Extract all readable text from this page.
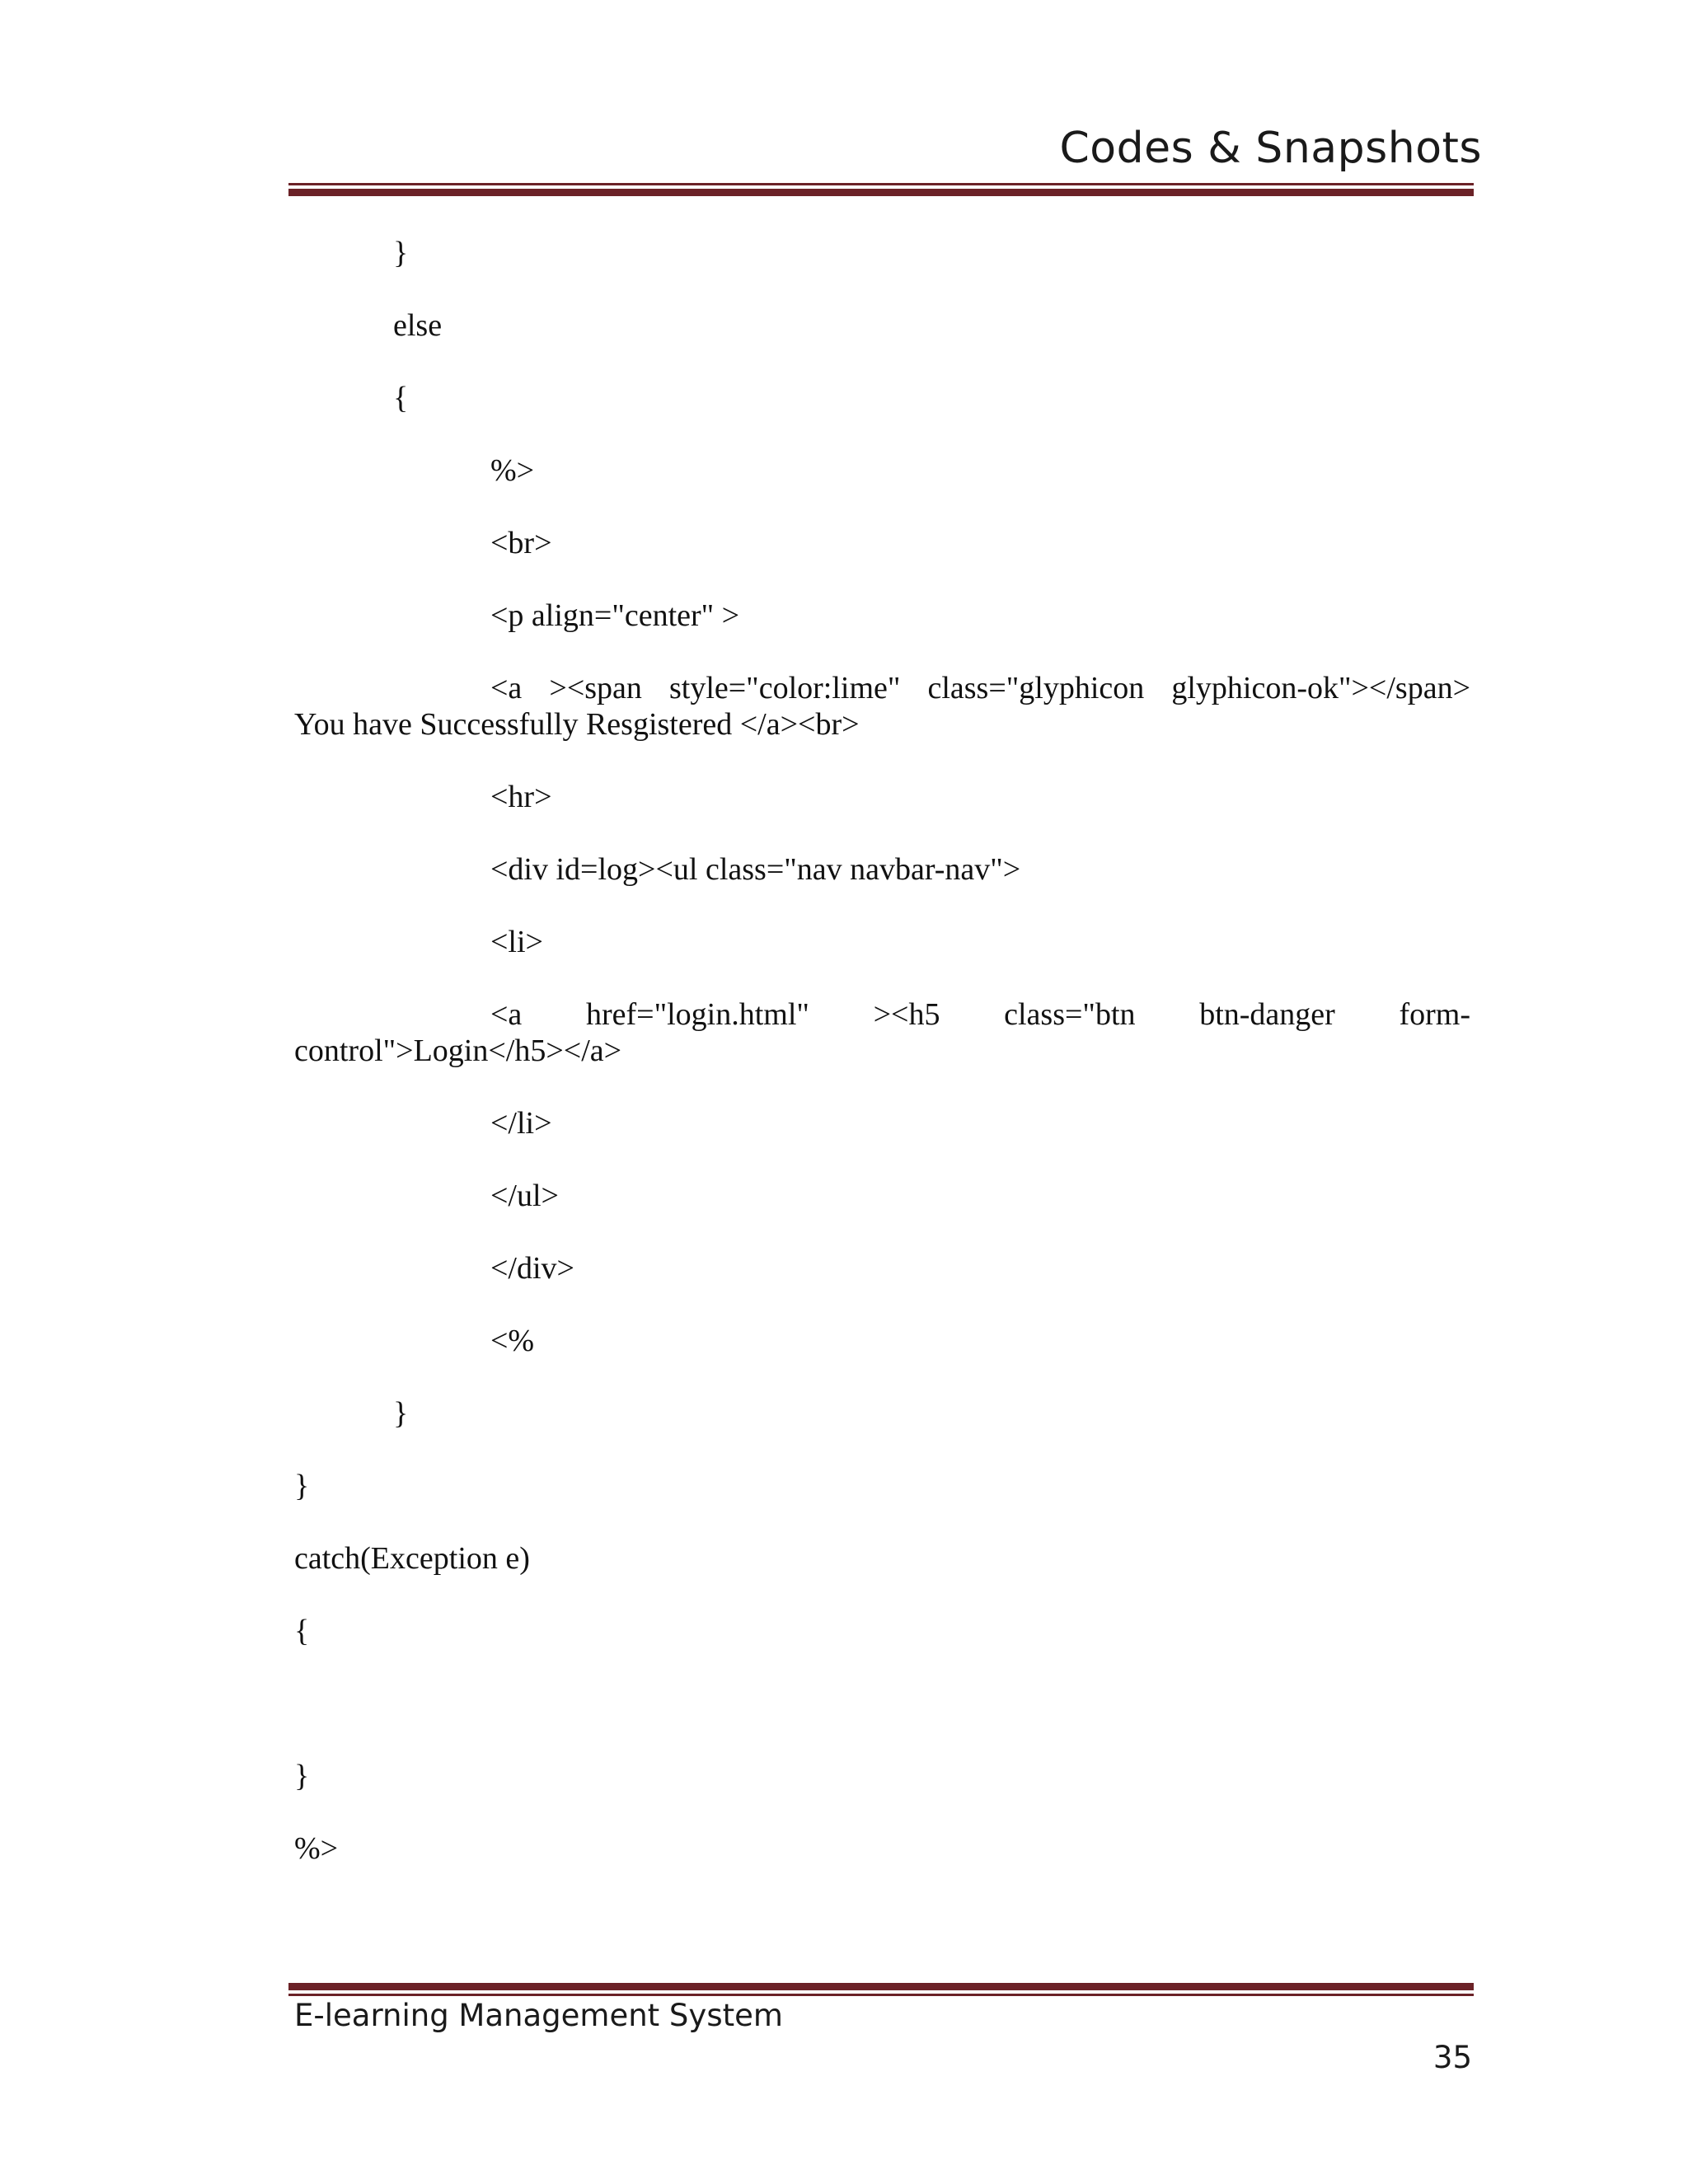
Codes & Snapshots
}
else
{
%>
<br>
<p align="center" >
<a ><span style="color:lime" class="glyphicon glyphicon-ok"></span>
You have Successfully Resgistered </a><br>
<hr>
<div id=log><ul class="nav navbar-nav">
<li>
<a href="login.html" ><h5 class="btn btn-danger form-
control">Login</h5></a>
</li>
</ul>
</div>
<%
}
}
catch(Exception e)
{
}
%>
E-learning Management System
35
